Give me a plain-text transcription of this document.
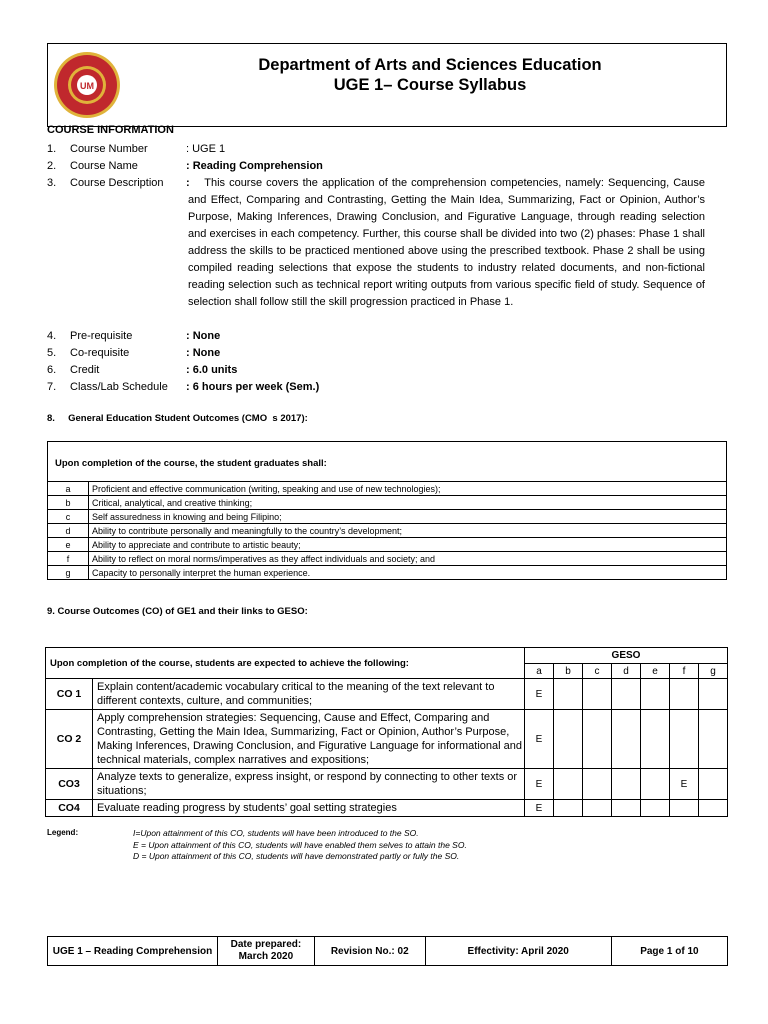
UM
Department of Arts and Sciences Education
UGE 1– Course Syllabus
COURSE INFORMATION
1. Course Number	: UGE 1
2. Course Name	: Reading Comprehension
3. Course Description :	This course covers the application of the comprehension competencies, namely: Sequencing, Cause and Effect, Comparing and Contrasting, Getting the Main Idea, Summarizing, Fact or Opinion, Author’s Purpose, Making Inferences, Drawing Conclusion, and Figurative Language, through reading selection and exercises in each competency. Further, this course shall be divided into two (2) phases: Phase 1 shall address the skills to be practiced mentioned above using the prescribed textbook. Phase 2 shall be using compiled reading selections that expose the students to industry related documents, and non-fictional reading selection such as technical report writing outputs from various specific field of study. Sequence of selection shall follow still the skill progression practiced in Phase 1.
4. Pre-requisite	: None
5. Co-requisite	: None
6. Credit	: 6.0 units
7. Class/Lab Schedule : 6 hours per week (Sem.)
8.     General Education Student Outcomes (CMO  s 2017):
Upon completion of the course, the student graduates shall:
a	Proficient and effective communication (writing, speaking and use of new technologies);
b	Critical, analytical, and creative thinking;
c	Self assuredness in knowing and being Filipino;
d	Ability to contribute personally and meaningfully to the country’s development;
e	Ability to appreciate and contribute to artistic beauty;
f	Ability to reflect on moral norms/imperatives as they affect individuals and society; and
g	Capacity to personally interpret the human experience.
9. Course Outcomes (CO) of GE1 and their links to GESO:
Upon completion of the course, students are expected to achieve the following:		GESO						
		a	b	c	d	e	f	g
CO 1	Explain content/academic vocabulary critical to the meaning of the text relevant to different contexts, culture, and communities;	E						
CO 2	Apply comprehension strategies: Sequencing, Cause and Effect, Comparing and Contrasting, Getting the Main Idea, Summarizing, Fact or Opinion, Author’s Purpose, Making Inferences, Drawing Conclusion, and Figurative Language for informational and technical materials, complex narratives and expositions;	E						
CO3	Analyze texts to generalize, express insight, or respond by connecting to other texts or situations;	E					E	
CO4	Evaluate reading progress by students’ goal setting strategies	E						
Legend:	I=Upon attainment of this CO, students will have been introduced to the SO.
E = Upon attainment of this CO, students will have enabled them selves to attain the SO.
D = Upon attainment of this CO, students will have demonstrated partly or fully the SO.
UGE 1 – Reading Comprehension	
Date prepared:
March 2020	Revision No.: 02	Effectivity: April 2020	Page 1 of 10
